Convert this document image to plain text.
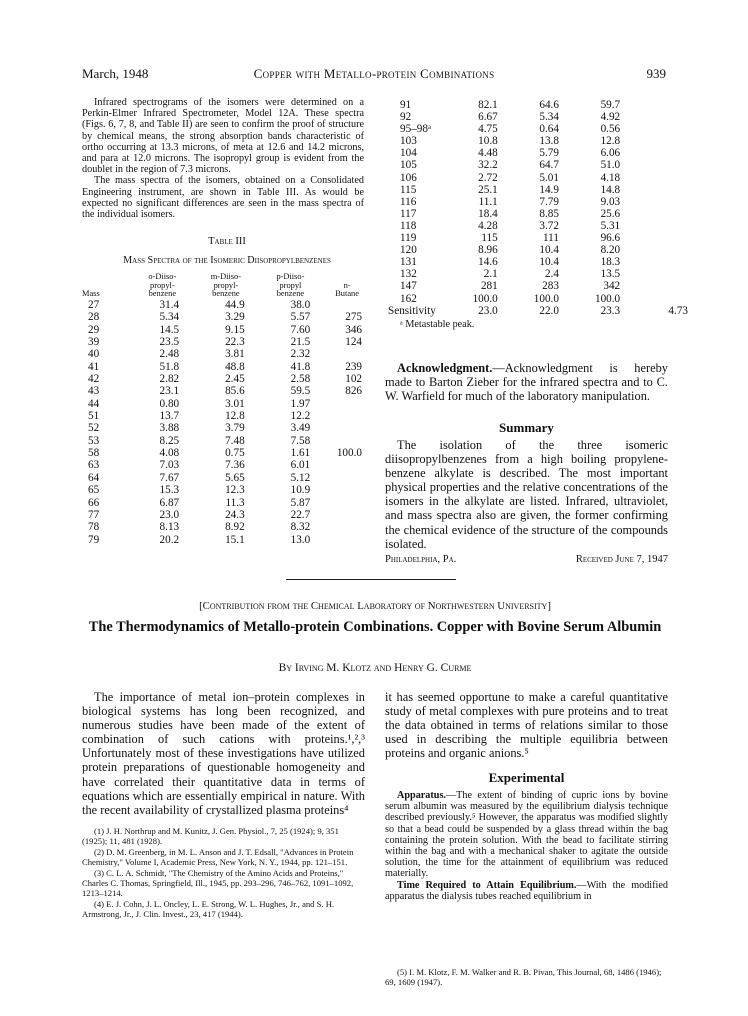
March, 1948	Copper with Metallo-protein Combinations	939

Infrared spectrograms of the isomers were determined on a Perkin-Elmer Infrared Spectrometer, Model 12A. These spectra (Figs. 6, 7, 8, and Table II) are seen to confirm the proof of structure by chemical means, the strong absorption bands characteristic of ortho occurring at 13.3 microns, of meta at 12.6 and 14.2 microns, and para at 12.0 microns. The isopropyl group is evident from the doublet in the region of 7.3 microns.

The mass spectra of the isomers, obtained on a Consolidated Engineering instrument, are shown in Table III. As would be expected no significant differences are seen in the mass spectra of the individual isomers.

Table III
Mass Spectra of the Isomeric Diisopropylbenzenes
Mass	o-Diiso-
propyl-
benzene	m-Diiso-
propyl-
benzene	p-Diiso-
propyl
benzene	n-
Butane
27	31.4	44.9	38.0	
28	5.34	3.29	5.57	275
29	14.5	9.15	7.60	346
39	23.5	22.3	21.5	124
40	2.48	3.81	2.32	
41	51.8	48.8	41.8	239
42	2.82	2.45	2.58	102
43	23.1	85.6	59.5	826
44	0.80	3.01	1.97	
51	13.7	12.8	12.2	
52	3.88	3.79	3.49	
53	8.25	7.48	7.58	
58	4.08	0.75	1.61	100.0
63	7.03	7.36	6.01	
64	7.67	5.65	5.12	
65	15.3	12.3	10.9	
66	6.87	11.3	5.87	
77	23.0	24.3	22.7	
78	8.13	8.92	8.32	
79	20.2	15.1	13.0	
91	82.1	64.6	59.7	
92	6.67	5.34	4.92	
95–98ᵃ	4.75	0.64	0.56	
103	10.8	13.8	12.8	
104	4.48	5.79	6.06	
105	32.2	64.7	51.0	
106	2.72	5.01	4.18	
115	25.1	14.9	14.8	
116	11.1	7.79	9.03	
117	18.4	8.85	25.6	
118	4.28	3.72	5.31	
119	115	111	96.6	
120	8.96	10.4	8.20	
131	14.6	10.4	18.3	
132	2.1	2.4	13.5	
147	281	283	342	
162	100.0	100.0	100.0	
Sensitivity	23.0	22.0	23.3	4.73
ᵃ Metastable peak.

Acknowledgment.—Acknowledgment is hereby made to Barton Zieber for the infrared spectra and to C. W. Warfield for much of the laboratory manipulation.

Summary

The isolation of the three isomeric diisopropylbenzenes from a high boiling propylene-benzene alkylate is described. The most important physical properties and the relative concentrations of the isomers in the alkylate are listed. Infrared, ultraviolet, and mass spectra also are given, the former confirming the chemical evidence of the structure of the compounds isolated.

Philadelphia, Pa.	Received June 7, 1947
[Contribution from the Chemical Laboratory of Northwestern University]
The Thermodynamics of Metallo-protein Combinations. Copper with Bovine Serum Albumin
By Irving M. Klotz and Henry G. Curme

The importance of metal ion–protein complexes in biological systems has long been recognized, and numerous studies have been made of the extent of combination of such cations with proteins.¹,²,³ Unfortunately most of these investigations have utilized protein preparations of questionable homogeneity and have correlated their quantitative data in terms of equations which are essentially empirical in nature. With the recent availability of crystallized plasma proteins⁴

(1) J. H. Northrup and M. Kunitz, J. Gen. Physiol., 7, 25 (1924); 9, 351 (1925); 11, 481 (1928).

(2) D. M. Greenberg, in M. L. Anson and J. T. Edsall, "Advances in Protein Chemistry," Volume I, Academic Press, New York, N. Y., 1944, pp. 121–151.

(3) C. L. A. Schmidt, "The Chemistry of the Amino Acids and Proteins," Charles C. Thomas, Springfield, Ill., 1945, pp. 293–296, 746–762, 1091–1092, 1213–1214.

(4) E. J. Cohn, J. L. Oncley, L. E. Strong, W. L. Hughes, Jr., and S. H. Armstrong, Jr., J. Clin. Invest., 23, 417 (1944).

it has seemed opportune to make a careful quantitative study of metal complexes with pure proteins and to treat the data obtained in terms of relations similar to those used in describing the multiple equilibria between proteins and organic anions.⁵

Experimental

Apparatus.—The extent of binding of cupric ions by bovine serum albumin was measured by the equilibrium dialysis technique described previously.⁵ However, the apparatus was modified slightly so that a bead could be suspended by a glass thread within the bag containing the protein solution. With the bead to facilitate stirring within the bag and with a mechanical shaker to agitate the outside solution, the time for the attainment of equilibrium was reduced materially.

Time Required to Attain Equilibrium.—With the modified apparatus the dialysis tubes reached equilibrium in

(5) I. M. Klotz, F. M. Walker and R. B. Pivan, This Journal, 68, 1486 (1946); 69, 1609 (1947).
